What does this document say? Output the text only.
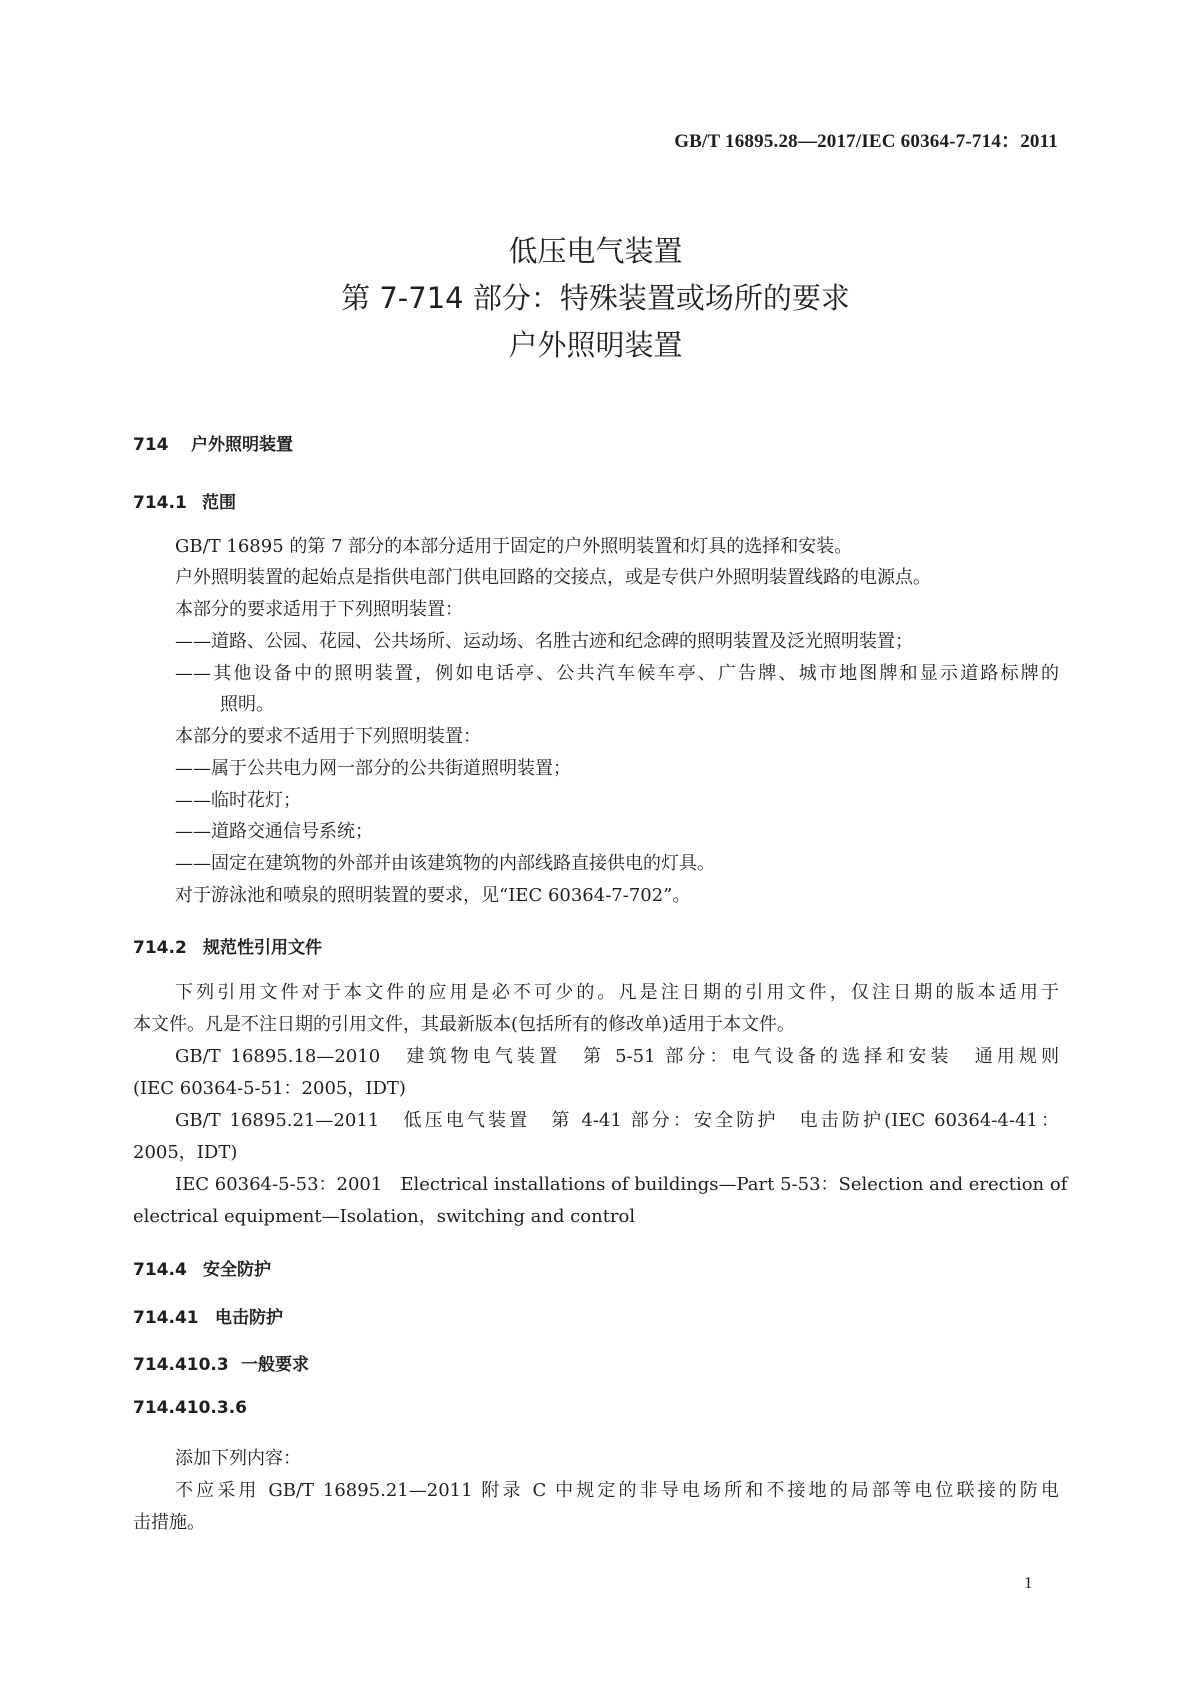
GB/T 16895.28—2017/IEC 60364-7-714：2011
低压电气装置
第 7-714 部分：特殊装置或场所的要求
户外照明装置
714 户外照明装置
714.1 范围
GB/T 16895 的第 7 部分的本部分适用于固定的户外照明装置和灯具的选择和安装。
户外照明装置的起始点是指供电部门供电回路的交接点，或是专供户外照明装置线路的电源点。
本部分的要求适用于下列照明装置：
——道路、公园、花园、公共场所、运动场、名胜古迹和纪念碑的照明装置及泛光照明装置；
——其他设备中的照明装置，例如电话亭、公共汽车候车亭、广告牌、城市地图牌和显示道路标牌的
照明。
本部分的要求不适用于下列照明装置：
——属于公共电力网一部分的公共街道照明装置；
——临时花灯；
——道路交通信号系统；
——固定在建筑物的外部并由该建筑物的内部线路直接供电的灯具。
对于游泳池和喷泉的照明装置的要求，见“IEC 60364-7-702”。
714.2 规范性引用文件
下列引用文件对于本文件的应用是必不可少的。凡是注日期的引用文件，仅注日期的版本适用于
本文件。凡是不注日期的引用文件，其最新版本(包括所有的修改单)适用于本文件。
GB/T 16895.18—2010　建筑物电气装置　第 5-51 部分：电气设备的选择和安装　通用规则
(IEC 60364-5-51：2005，IDT)
GB/T 16895.21—2011　低压电气装置　第 4-41 部分：安全防护　电击防护(IEC 60364-4-41：
2005，IDT)
IEC 60364-5-53：2001　Electrical installations of buildings—Part 5-53：Selection and erection of
electrical equipment—Isolation，switching and control
714.4 安全防护
714.41 电击防护
714.410.3 一般要求
714.410.3.6
添加下列内容：
不应采用 GB/T 16895.21—2011 附录 C 中规定的非导电场所和不接地的局部等电位联接的防电
击措施。
1
